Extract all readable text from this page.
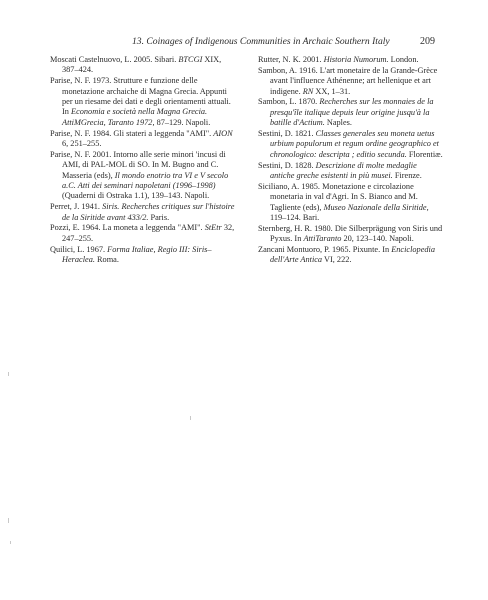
13. Coinages of Indigenous Communities in Archaic Southern Italy	209

Moscati Castelnuovo, L. 2005. Sibari. BTCGI XIX, 387–424.

Parise, N. F. 1973. Strutture e funzione delle monetazione archaiche di Magna Grecia. Appunti per un riesame dei dati e degli orientamenti attuali. In Economia e società nella Magna Grecia. AttiMGrecia, Taranto 1972, 87–129. Napoli.

Parise, N. F. 1984. Gli stateri a leggenda "AMI". AION 6, 251–255.

Parise, N. F. 2001. Intorno alle serie minori 'incusi di AMI, di PAL-MOL di SO. In M. Bugno and C. Masseria (eds), Il mondo enotrio tra VI e V secolo a.C. Atti dei seminari napoletani (1996–1998) (Quaderni di Ostraka 1.1), 139–143. Napoli.

Perret, J. 1941. Siris. Recherches critiques sur l'histoire de la Siritide avant 433/2. Paris.

Pozzi, E. 1964. La moneta a leggenda "AMI". StEtr 32, 247–255.

Quilici, L. 1967. Forma Italiae, Regio III: Siris–Heraclea. Roma.

Rutter, N. K. 2001. Historia Numorum. London.

Sambon, A. 1916. L'art monetaire de la Grande-Grèce avant l'influence Athénenne; art hellenique et art indigene. RN XX, 1–31.

Sambon, L. 1870. Recherches sur les monnaies de la presqu'île italique depuis leur origine jusqu'à la batille d'Actium. Naples.

Sestini, D. 1821. Classes generales seu moneta uetus urbium populorum et regum ordine geographico et chronologico: descripta ; editio secunda. Florentiæ.

Sestini, D. 1828. Descrizione di molte medaglie antiche greche esistenti in più musei. Firenze.

Siciliano, A. 1985. Monetazione e circolazione monetaria in val d'Agri. In S. Bianco and M. Tagliente (eds), Museo Nazionale della Siritide, 119–124. Bari.

Sternberg, H. R. 1980. Die Silberprägung von Siris und Pyxus. In AttiTaranto 20, 123–140. Napoli.

Zancani Montuoro, P. 1965. Pixunte. In Enciclopedia dell'Arte Antica VI, 222.
